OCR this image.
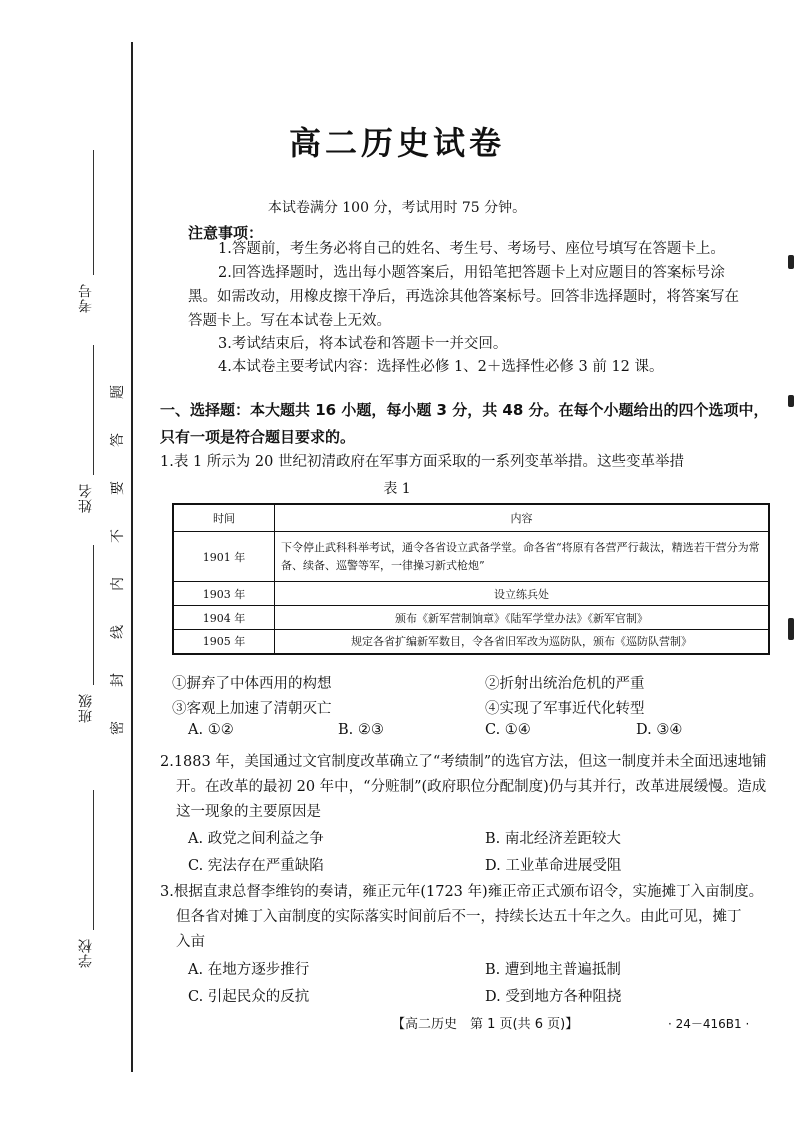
考号
姓名
班级
学校
题
答
要
不
内
线
封
密
高二历史试卷
本试卷满分 100 分，考试用时 75 分钟。
注意事项：
1.答题前，考生务必将自己的姓名、考生号、考场号、座位号填写在答题卡上。
2.回答选择题时，选出每小题答案后，用铅笔把答题卡上对应题目的答案标号涂
黑。如需改动，用橡皮擦干净后，再选涂其他答案标号。回答非选择题时，将答案写在
答题卡上。写在本试卷上无效。
3.考试结束后，将本试卷和答题卡一并交回。
4.本试卷主要考试内容：选择性必修 1、2＋选择性必修 3 前 12 课。
一、选择题：本大题共 16 小题，每小题 3 分，共 48 分。在每个小题给出的四个选项中，只有一项是符合题目要求的。
1.表 1 所示为 20 世纪初清政府在军事方面采取的一系列变革举措。这些变革举措
表 1
时间	内容
1901 年	下令停止武科科举考试，通令各省设立武备学堂。命各省“将原有各营严行裁汰，精选若干营分为常备、续备、巡警等军，一律操习新式枪炮”
1903 年	设立练兵处
1904 年	颁布《新军营制饷章》《陆军学堂办法》《新军官制》
1905 年	规定各省扩编新军数目，令各省旧军改为巡防队，颁布《巡防队营制》
①摒弃了中体西用的构想	②折射出统治危机的严重
③客观上加速了清朝灭亡	④实现了军事近代化转型
A. ①②	B. ②③	C. ①④	D. ③④
2.1883 年，美国通过文官制度改革确立了“考绩制”的选官方法，但这一制度并未全面迅速地铺
开。在改革的最初 20 年中，“分赃制”(政府职位分配制度)仍与其并行，改革进展缓慢。造成
这一现象的主要原因是
A. 政党之间利益之争	B. 南北经济差距较大
C. 宪法存在严重缺陷	D. 工业革命进展受阻
3.根据直隶总督李维钧的奏请，雍正元年(1723 年)雍正帝正式颁布诏令，实施摊丁入亩制度。
但各省对摊丁入亩制度的实际落实时间前后不一，持续长达五十年之久。由此可见，摊丁
入亩
A. 在地方逐步推行	B. 遭到地主普遍抵制
C. 引起民众的反抗	D. 受到地方各种阻挠
【高二历史　第 1 页(共 6 页)】	· 24－416B1 ·
